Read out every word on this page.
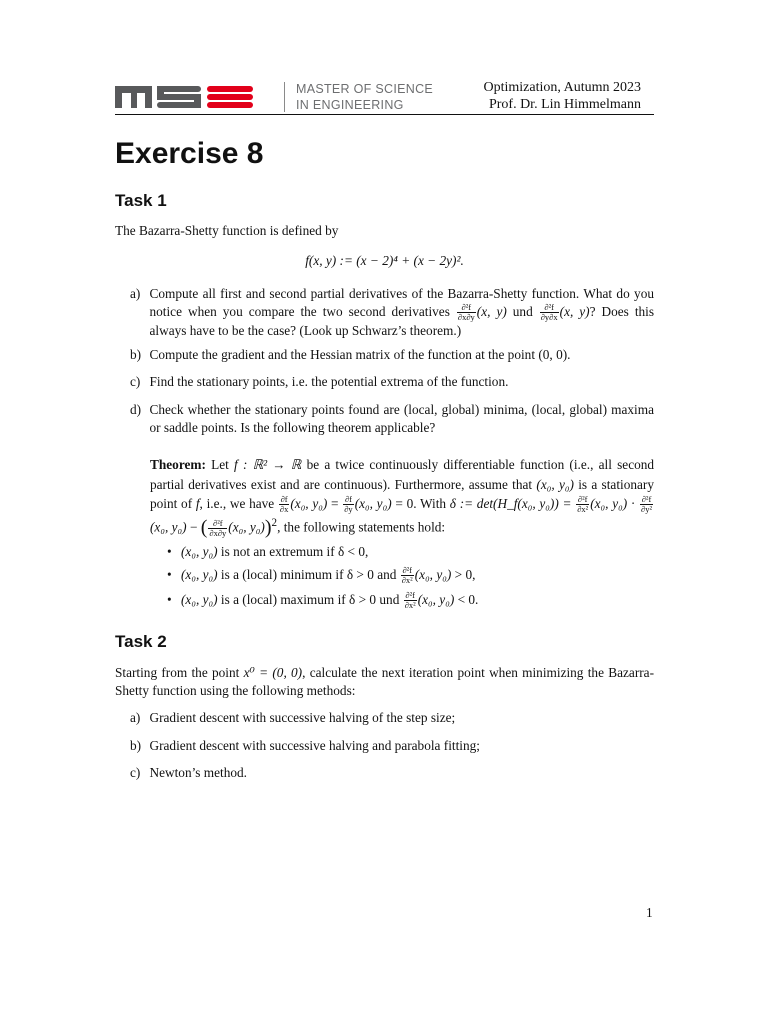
MASTER OF SCIENCE
IN ENGINEERING
Optimization, Autumn 2023
Prof. Dr. Lin Himmelmann
Exercise 8
Task 1
The Bazarra-Shetty function is defined by
f(x, y) := (x − 2)⁴ + (x − 2y)².
a) Compute all first and second partial derivatives of the Bazarra-Shetty function. What do you notice when you compare the two second derivatives $\frac{\text{∂²f}}{\partial x\partial y} (x$, y) und $\frac{\text{∂²f}}{\partial y\partial x} (x$, y)? Does this always have to be the case? (Look up Schwarz’s theorem.)
b) Compute the gradient and the Hessian matrix of the function at the point (0, 0).
c) Find the stationary points, i.e. the potential extrema of the function.
d) Check whether the stationary points found are (local, global) minima, (local, global) maxima or saddle points. Is the following theorem applicable?
Theorem: Let f : ℝ² → ℝ be a twice continuously differentiable function (i.e., all second partial derivatives exist and are continuous). Furthermore, assume that (x₀, y₀) is a stationary point of f, i.e., we have $\frac{\partial f}{\partial x} (x_0$, $y_0) = \frac{\partial f}{\partial y} (x_0$, y₀) = 0. With δ := det(H_f(x₀, $y_0)) = \frac{\text{∂²f}}{\text{∂x²}} (x_0$, $y_0) \cdot \frac{\text{∂²f}}{\text{∂y²}}$
(x₀, y₀) − ( $\frac{\text{∂²f}}{\partial x\partial y} (x_0$, y₀))$^2$, the following statements hold:
• (x₀, y₀) is not an extremum if δ < 0,
• (x₀, y₀) is a (local) minimum if δ > 0 and $\frac{\text{∂²f}}{\text{∂x²}} (x_0$, y₀) > 0,
• (x₀, y₀) is a (local) maximum if δ > 0 und $\frac{\text{∂²f}}{\text{∂x²}} (x_0$, y₀) < 0.
Task 2
Starting from the point x⁰ = (0, 0), calculate the next iteration point when minimizing the Bazarra-Shetty function using the following methods:
a) Gradient descent with successive halving of the step size;
b) Gradient descent with successive halving and parabola fitting;
c) Newton’s method.
1
